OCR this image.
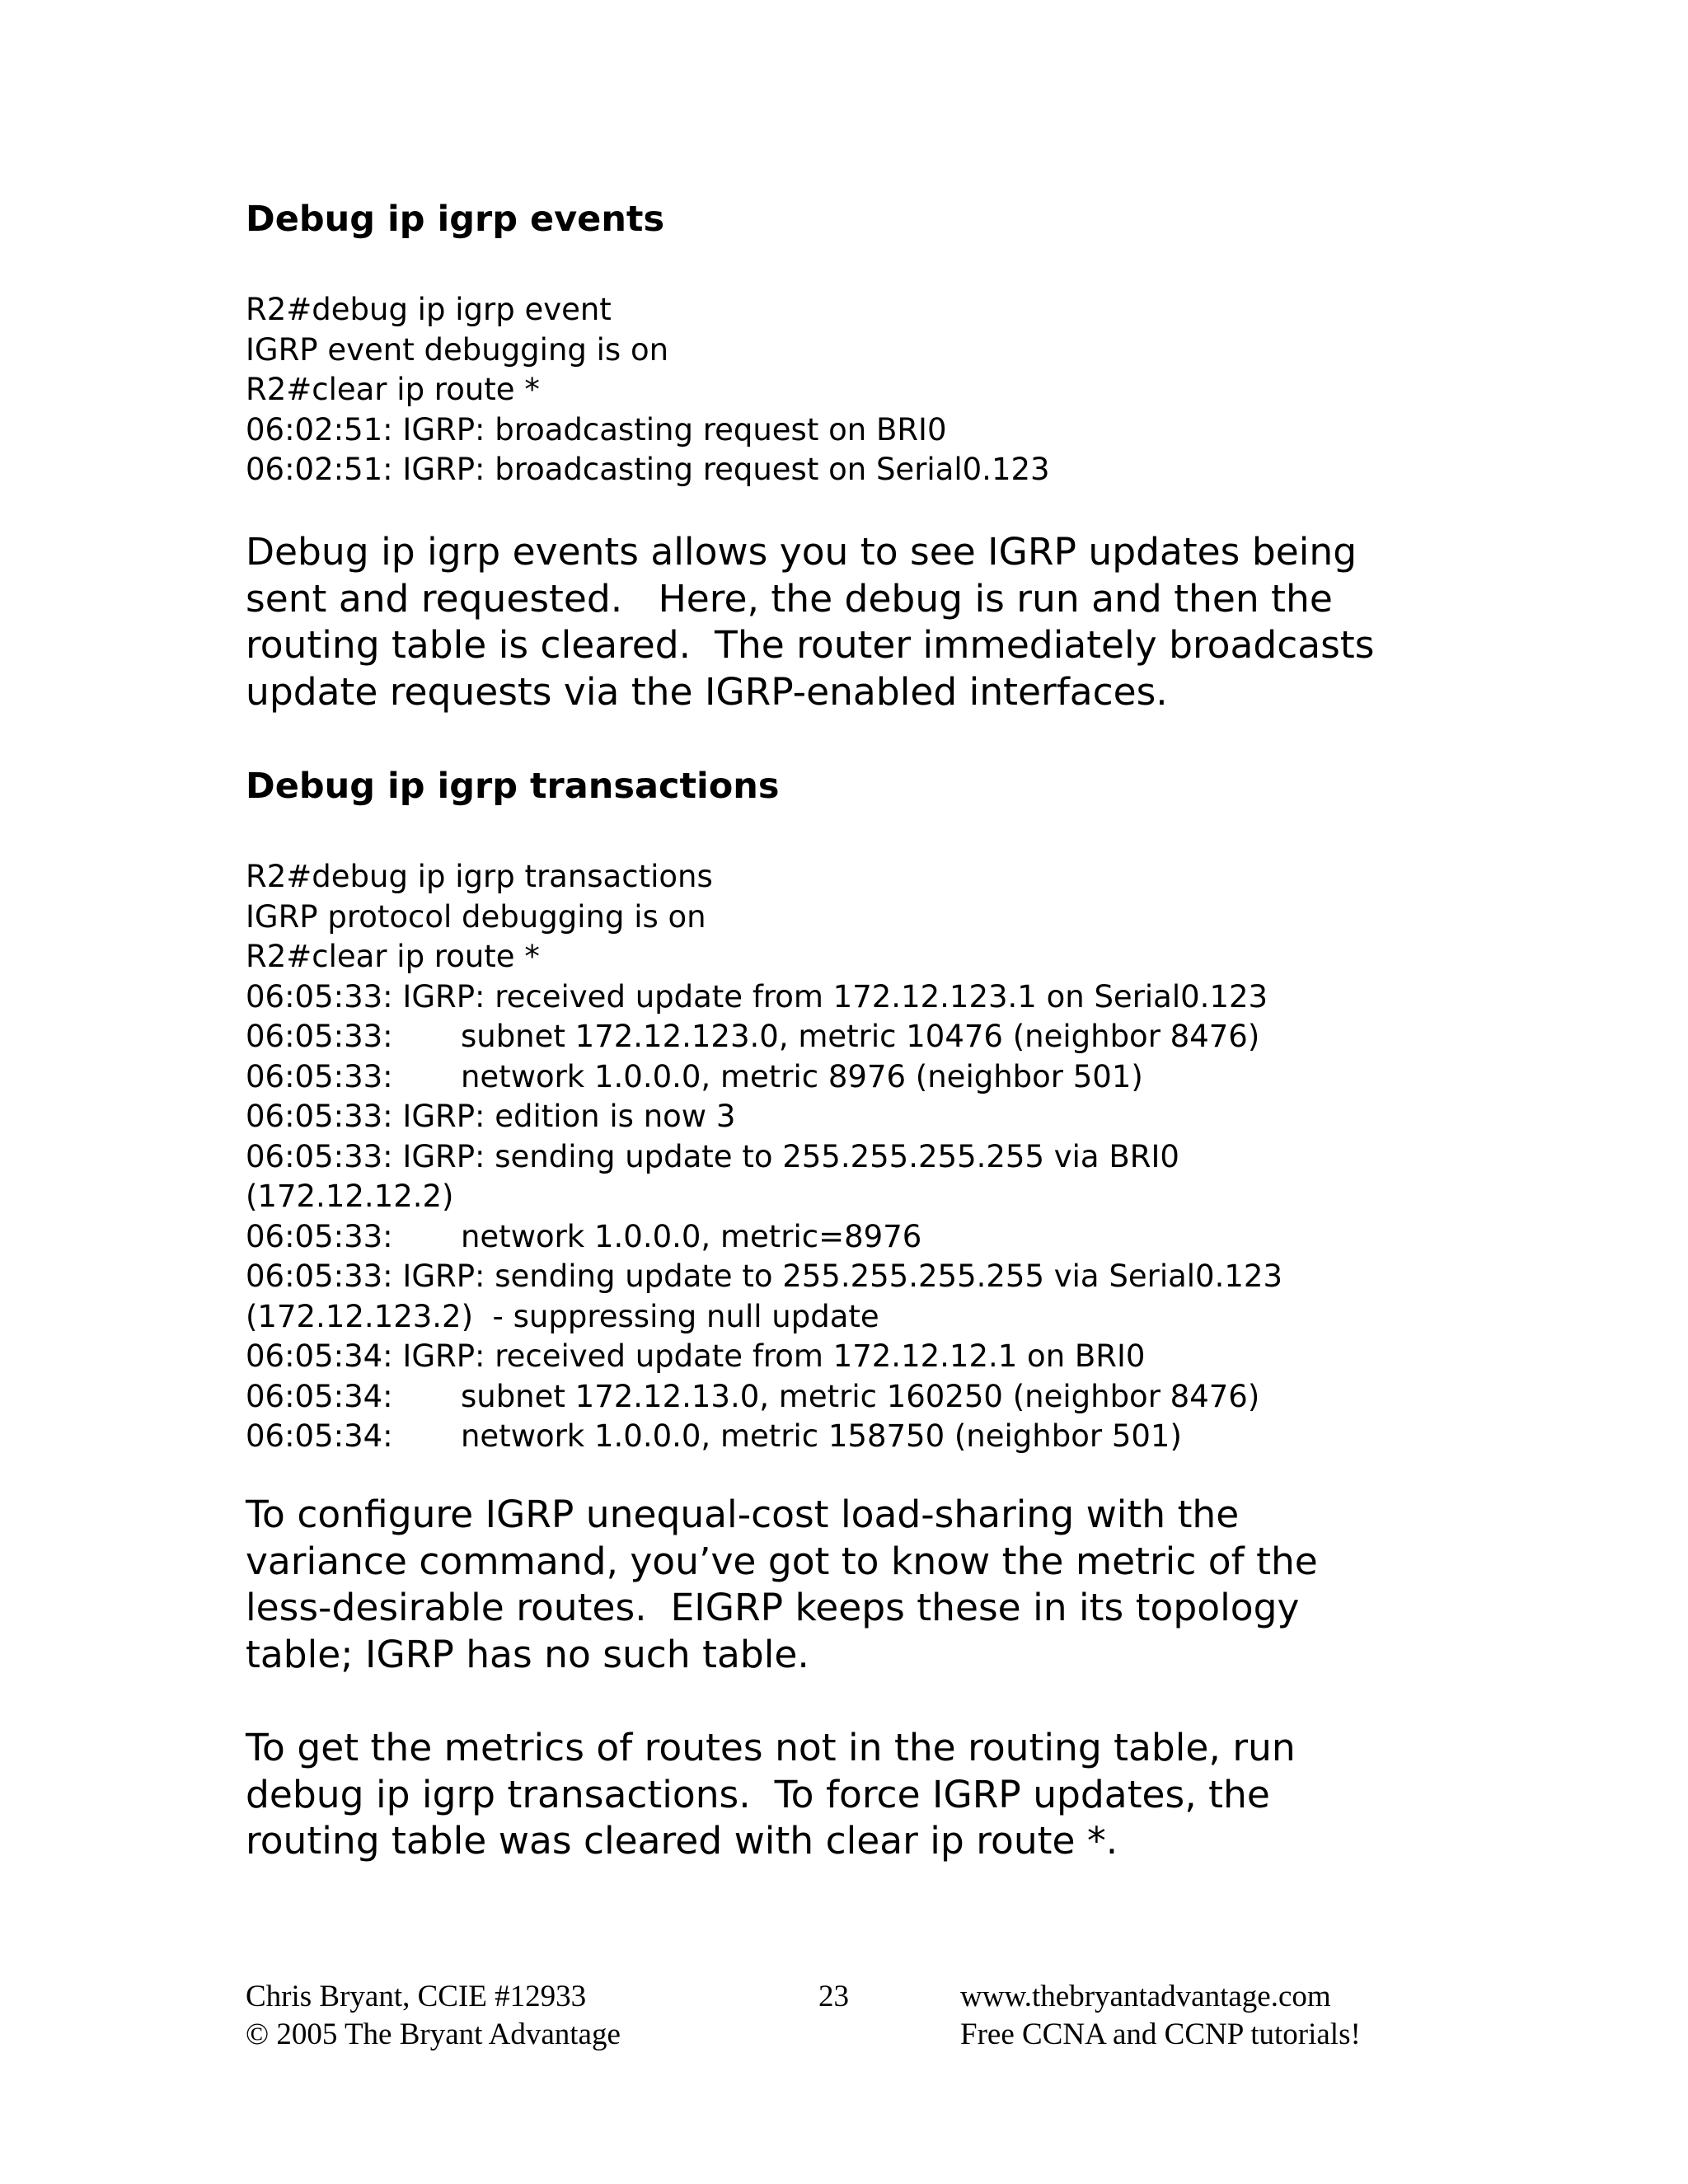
Debug ip igrp events
R2#debug ip igrp event
IGRP event debugging is on
R2#clear ip route *
06:02:51: IGRP: broadcasting request on BRI0
06:02:51: IGRP: broadcasting request on Serial0.123
Debug ip igrp events allows you to see IGRP updates being
sent and requested.   Here, the debug is run and then the
routing table is cleared.  The router immediately broadcasts
update requests via the IGRP-enabled interfaces.
Debug ip igrp transactions
R2#debug ip igrp transactions
IGRP protocol debugging is on
R2#clear ip route *
06:05:33: IGRP: received update from 172.12.123.1 on Serial0.123
06:05:33:       subnet 172.12.123.0, metric 10476 (neighbor 8476)
06:05:33:       network 1.0.0.0, metric 8976 (neighbor 501)
06:05:33: IGRP: edition is now 3
06:05:33: IGRP: sending update to 255.255.255.255 via BRI0
(172.12.12.2)
06:05:33:       network 1.0.0.0, metric=8976
06:05:33: IGRP: sending update to 255.255.255.255 via Serial0.123
(172.12.123.2)  - suppressing null update
06:05:34: IGRP: received update from 172.12.12.1 on BRI0
06:05:34:       subnet 172.12.13.0, metric 160250 (neighbor 8476)
06:05:34:       network 1.0.0.0, metric 158750 (neighbor 501)
To configure IGRP unequal-cost load-sharing with the
variance command, you’ve got to know the metric of the
less-desirable routes.  EIGRP keeps these in its topology
table; IGRP has no such table.
To get the metrics of routes not in the routing table, run
debug ip igrp transactions.  To force IGRP updates, the
routing table was cleared with clear ip route *.
Chris Bryant, CCIE #12933
© 2005 The Bryant Advantage
23	www.thebryantadvantage.com
Free CCNA and CCNP tutorials!
